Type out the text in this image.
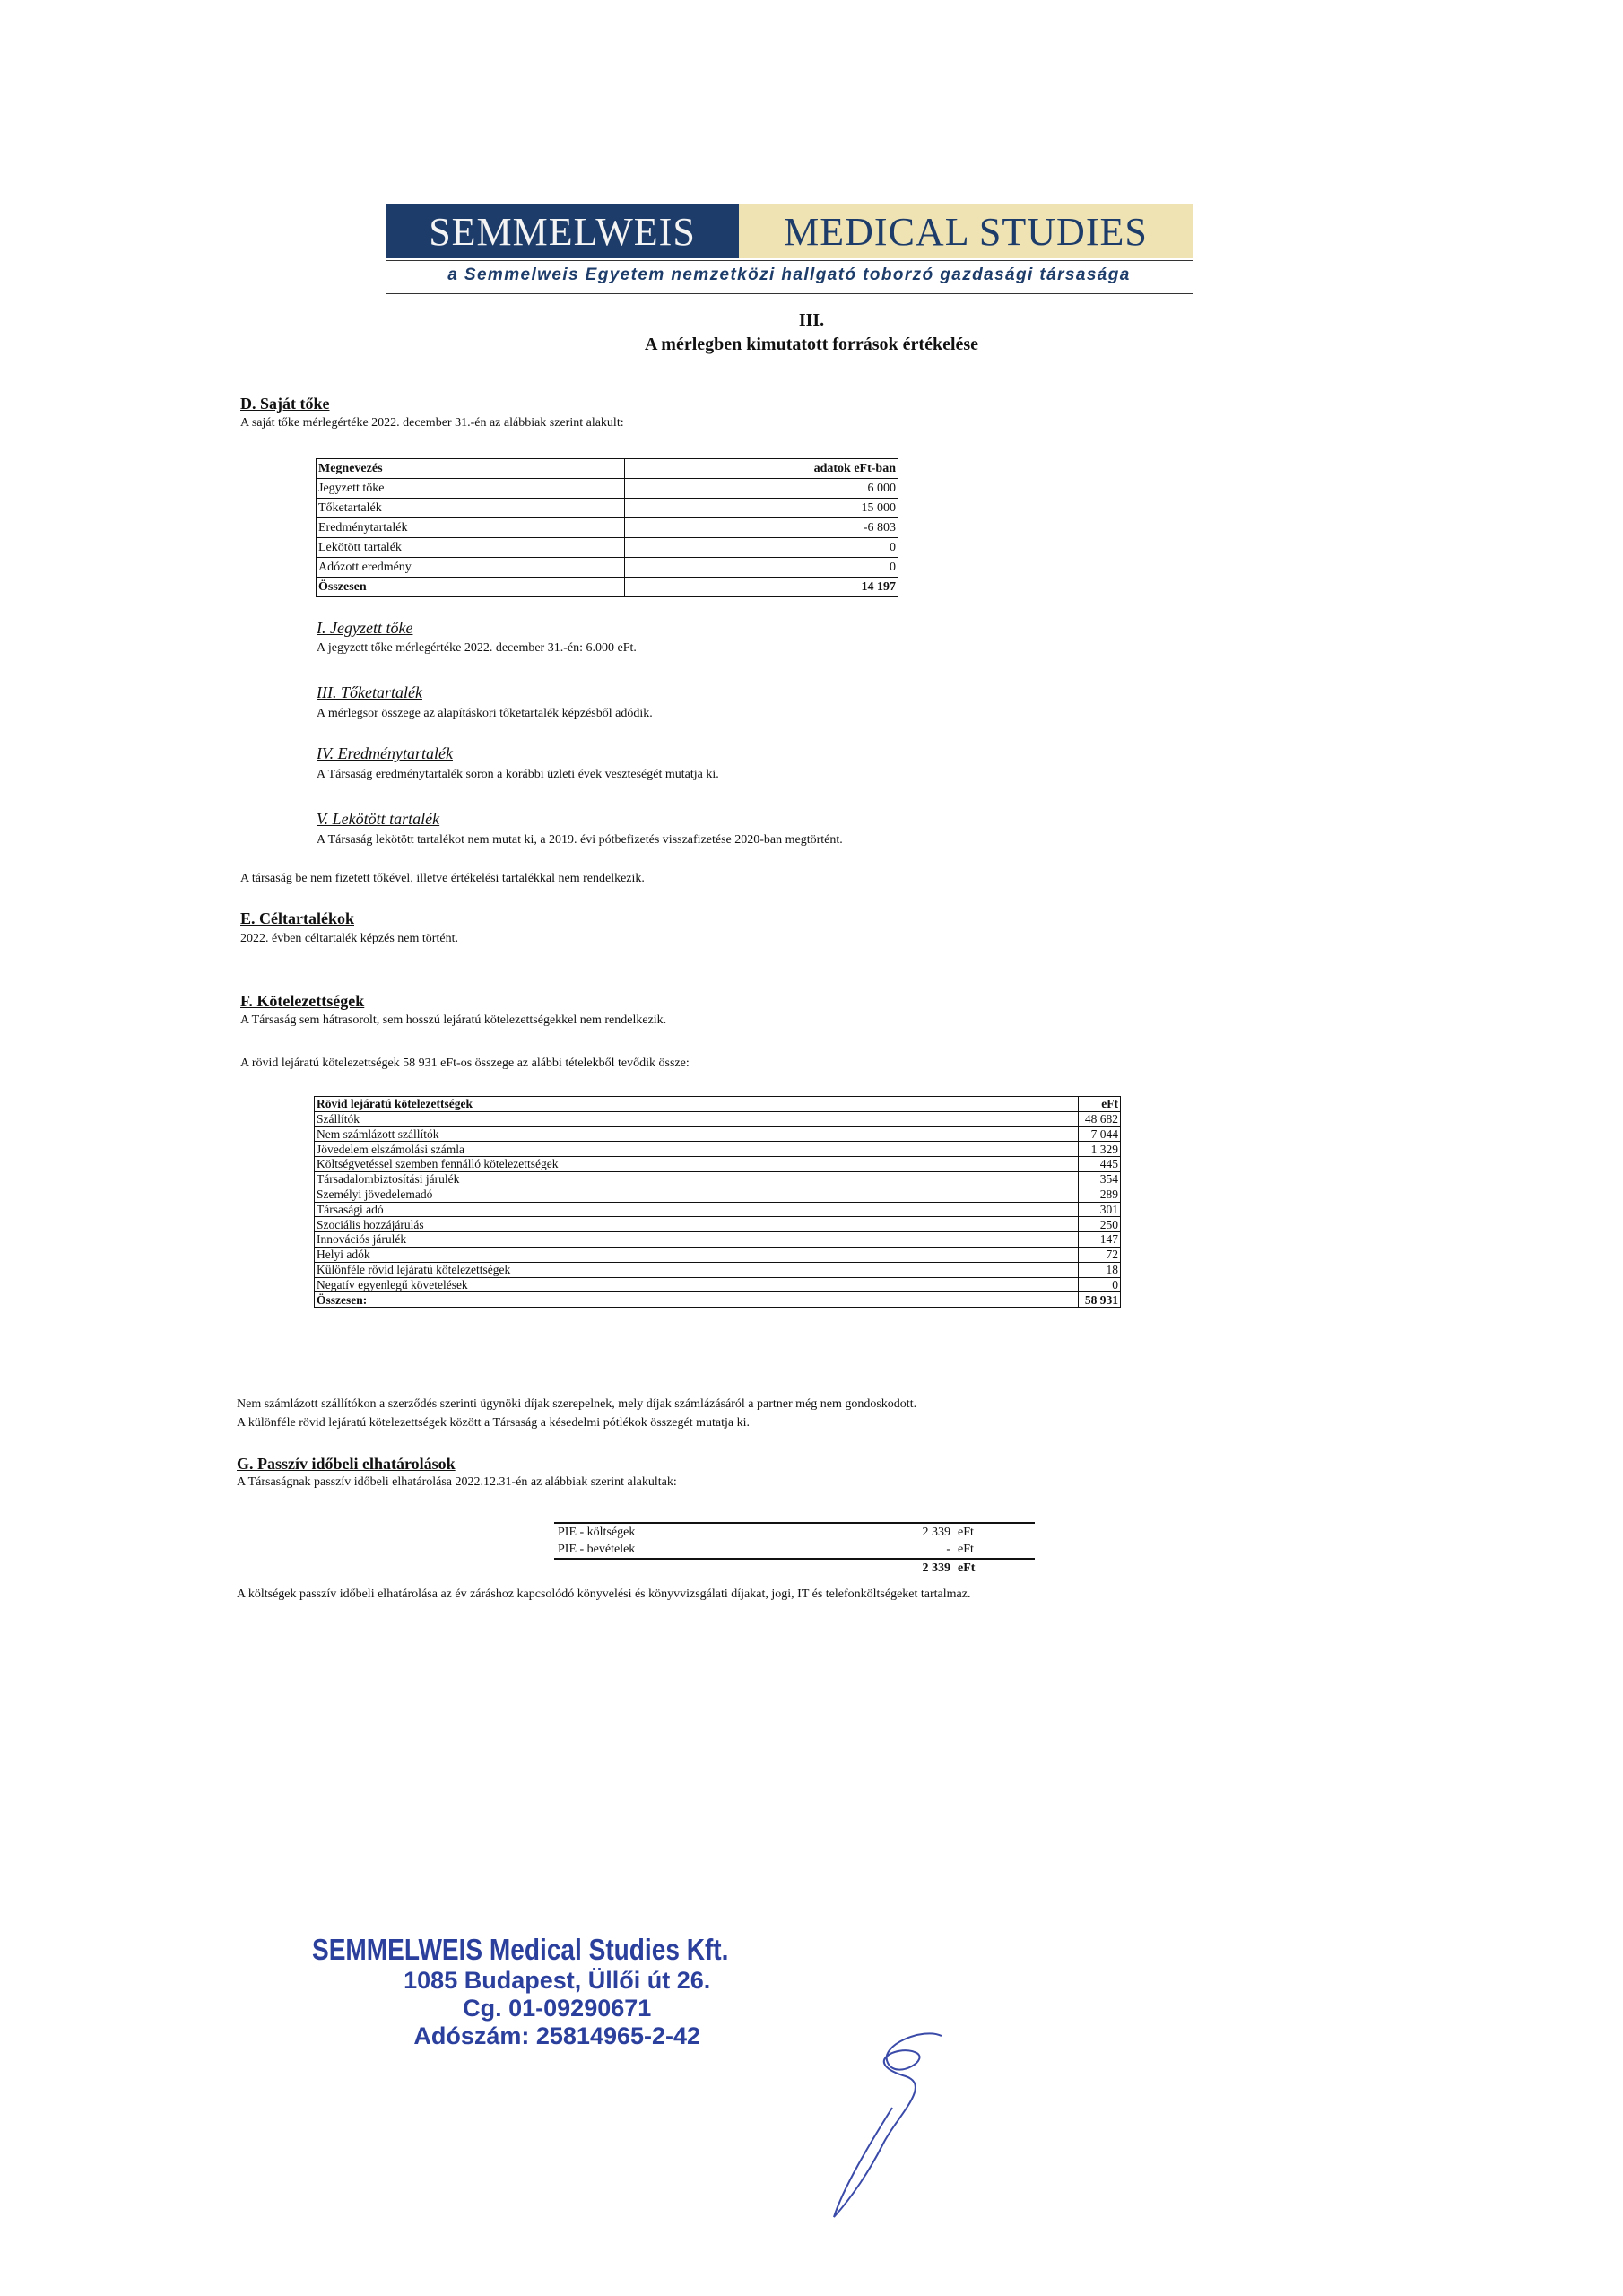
SEMMELWEIS	MEDICAL STUDIES
a Semmelweis Egyetem nemzetközi hallgató toborzó gazdasági társasága
III.
A mérlegben kimutatott források értékelése
D. Saját tőke
A saját tőke mérlegértéke 2022. december 31.-én az alábbiak szerint alakult:
Megnevezés	adatok eFt-ban
Jegyzett tőke	6 000
Tőketartalék	15 000
Eredménytartalék	-6 803
Lekötött tartalék	0
Adózott eredmény	0
Összesen	14 197
I. Jegyzett tőke
A jegyzett tőke mérlegértéke 2022. december 31.-én: 6.000 eFt.
III. Tőketartalék
A mérlegsor összege az alapításkori tőketartalék képzésből adódik.
IV. Eredménytartalék
A Társaság eredménytartalék soron a korábbi üzleti évek veszteségét mutatja ki.
V. Lekötött tartalék
A Társaság lekötött tartalékot nem mutat ki, a 2019. évi pótbefizetés visszafizetése 2020-ban megtörtént.
A társaság be nem fizetett tőkével, illetve értékelési tartalékkal nem rendelkezik.
E. Céltartalékok
2022. évben céltartalék képzés nem történt.
F. Kötelezettségek
A Társaság sem hátrasorolt, sem hosszú lejáratú kötelezettségekkel nem rendelkezik.
A rövid lejáratú kötelezettségek 58 931 eFt-os összege az alábbi tételekből tevődik össze:
Rövid lejáratú kötelezettségek	eFt
Szállítók	48 682
Nem számlázott szállítók	7 044
Jövedelem elszámolási számla	1 329
Költségvetéssel szemben fennálló kötelezettségek	445
Társadalombiztosítási járulék	354
Személyi jövedelemadó	289
Társasági adó	301
Szociális hozzájárulás	250
Innovációs járulék	147
Helyi adók	72
Különféle rövid lejáratú kötelezettségek	18
Negatív egyenlegű követelések	0
Összesen:	58 931
Nem számlázott szállítókon a szerződés szerinti ügynöki díjak szerepelnek, mely díjak számlázásáról a partner még nem gondoskodott.
A különféle rövid lejáratú kötelezettségek között a Társaság a késedelmi pótlékok összegét mutatja ki.
G. Passzív időbeli elhatárolások
A Társaságnak passzív időbeli elhatárolása 2022.12.31-én az alábbiak szerint alakultak:
PIE - költségek	2 339	eFt
PIE - bevételek	-	eFt
	2 339	eFt
A költségek passzív időbeli elhatárolása az év záráshoz kapcsolódó könyvelési és könyvvizsgálati díjakat, jogi, IT és telefonköltségeket tartalmaz.
SEMMELWEIS Medical Studies Kft.
1085 Budapest, Üllői út 26.
Cg. 01-09290671
Adószám: 25814965-2-42
